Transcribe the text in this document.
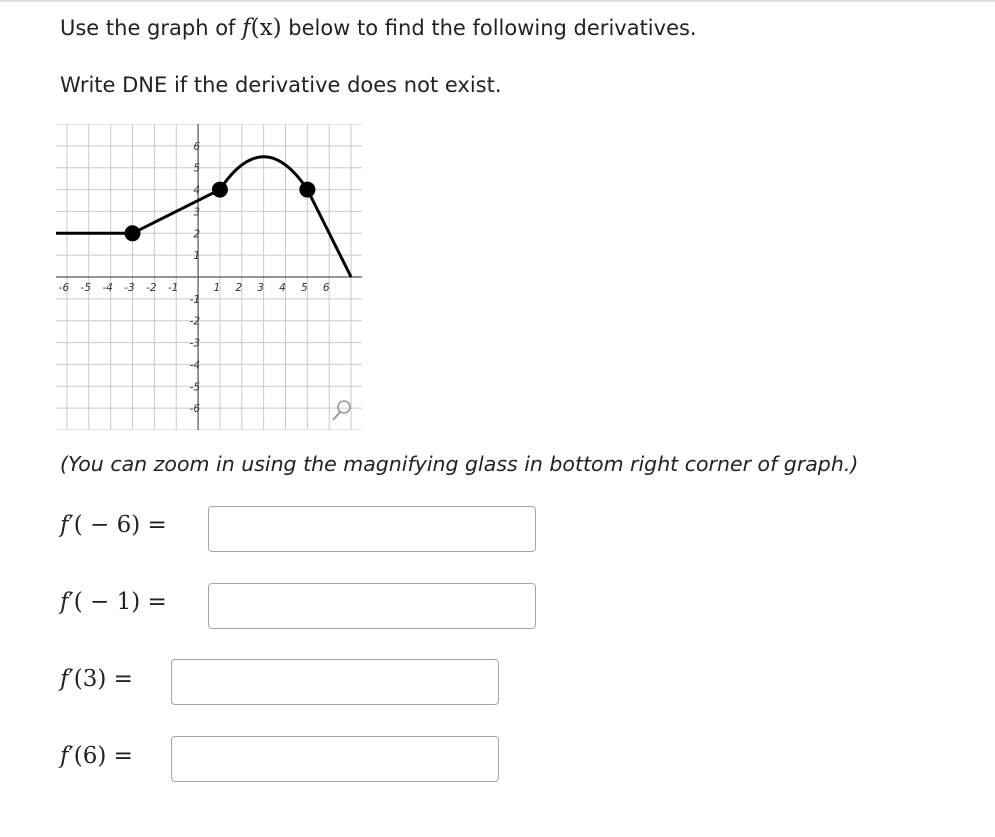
Use the graph of f(x) below to find the following derivatives.
Write DNE if the derivative does not exist.
-6 -5 -4 -3 -2 -1	1 2 3 4 5 6
6
5
4
3
2
1
-1
-2
-3
-4
-5
-6
(You can zoom in using the magnifying glass in bottom right corner of graph.)
f′( − 6) =
f′( − 1) =
f′(3) =
f′(6) =
